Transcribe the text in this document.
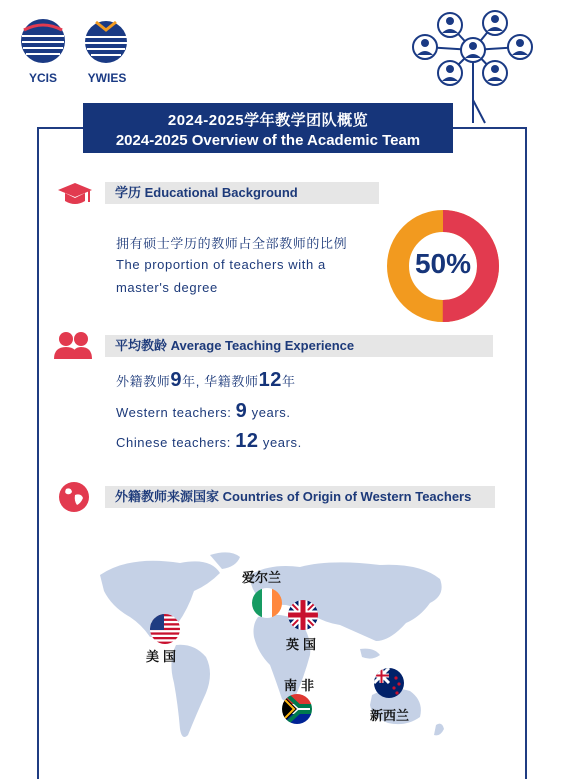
YCIS	YWIES
2024-2025学年教学团队概览
2024-2025 Overview of the Academic Team
学历 Educational Background
拥有硕士学历的教师占全部教师的比例
The proportion of teachers with a
master's degree
50%
平均教龄 Average Teaching Experience
外籍教师9年, 华籍教师12年
Western teachers: 9 years.
Chinese teachers: 12 years.
外籍教师来源国家 Countries of Origin of Western Teachers
美国
爱尔兰
英国
南非
新西兰
